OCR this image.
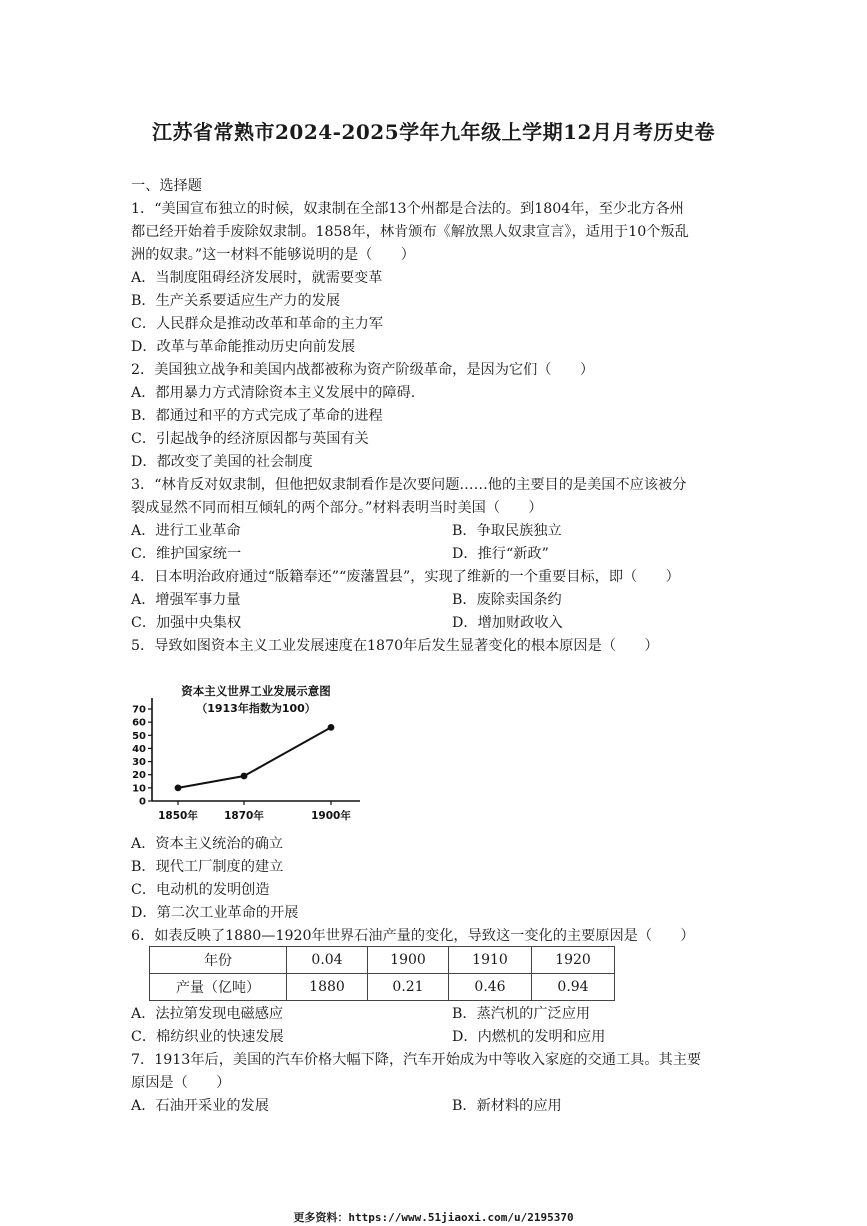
江苏省常熟市2024-2025学年九年级上学期12月月考历史卷
一、选择题
1．“美国宣布独立的时候，奴隶制在全部13个州都是合法的。到1804年，至少北方各州
都已经开始着手废除奴隶制。1858年，林肯颁布《解放黑人奴隶宣言》，适用于10个叛乱
洲的奴隶。”这一材料不能够说明的是（　　）
A．当制度阻碍经济发展时，就需要变革
B．生产关系要适应生产力的发展
C．人民群众是推动改革和革命的主力军
D．改革与革命能推动历史向前发展
2．美国独立战争和美国内战都被称为资产阶级革命，是因为它们（　　）
A．都用暴力方式清除资本主义发展中的障碍.
B．都通过和平的方式完成了革命的进程
C．引起战争的经济原因都与英国有关
D．都改变了美国的社会制度
3．“林肯反对奴隶制，但他把奴隶制看作是次要问题……他的主要目的是美国不应该被分
裂成显然不同而相互倾轧的两个部分。”材料表明当时美国（　　）
A．进行工业革命	B．争取民族独立
C．维护国家统一	D．推行“新政”
4．日本明治政府通过“版籍奉还”“废藩置县”，实现了维新的一个重要目标，即（　　）
A．增强军事力量	B．废除卖国条约
C．加强中央集权	D．增加财政收入
5．导致如图资本主义工业发展速度在1870年后发生显著变化的根本原因是（　　）
资本主义世界工业发展示意图
（1913年指数为100）
0
10
20
30
40
50
60
70
1850年	1870年	1900年
A．资本主义统治的确立
B．现代工厂制度的建立
C．电动机的发明创造
D．第二次工业革命的开展
6．如表反映了1880—1920年世界石油产量的变化，导致这一变化的主要原因是（　　）
年份	0.04	1900	1910	1920
产量（亿吨）	1880	0.21	0.46	0.94
A．法拉第发现电磁感应	B．蒸汽机的广泛应用
C．棉纺织业的快速发展	D．内燃机的发明和应用
7．1913年后，美国的汽车价格大幅下降，汽车开始成为中等收入家庭的交通工具。其主要
原因是（　　）
A．石油开采业的发展	B．新材料的应用
更多资料：https://www.51jiaoxi.com/u/2195370
